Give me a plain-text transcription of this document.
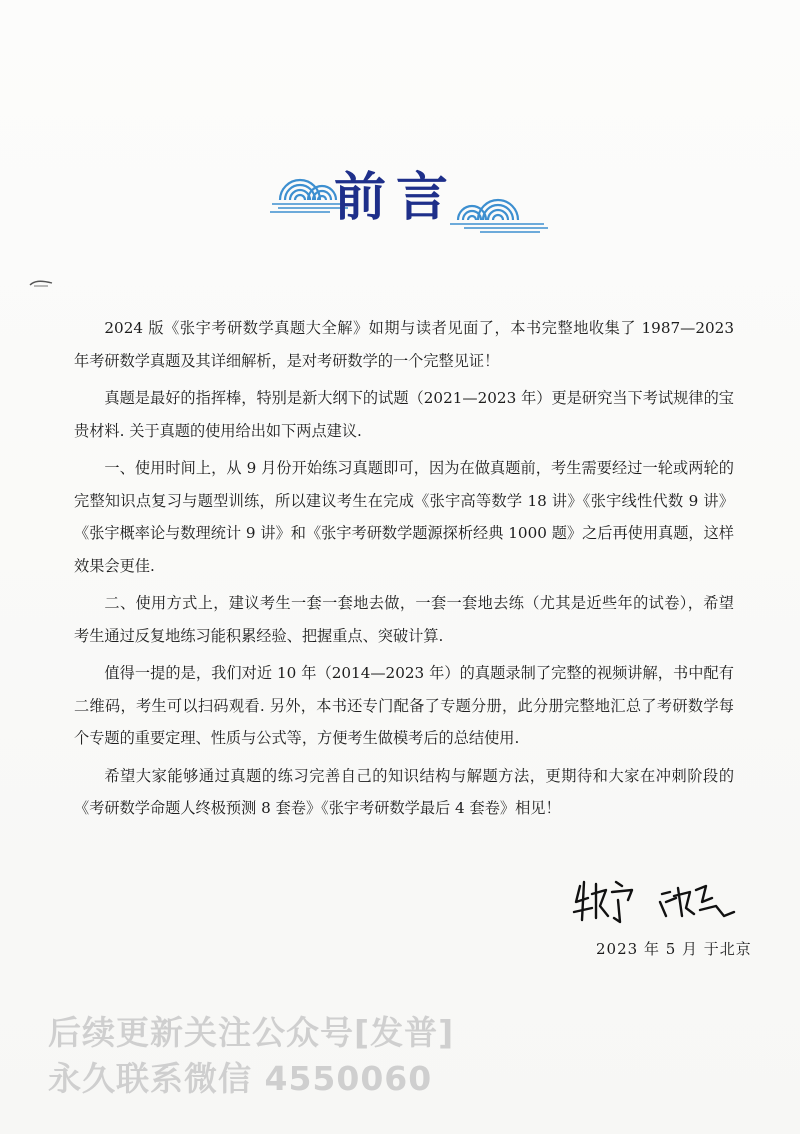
前言

2024 版《张宇考研数学真题大全解》如期与读者见面了，本书完整地收集了 1987—2023 年考研数学真题及其详细解析，是对考研数学的一个完整见证！

真题是最好的指挥棒，特别是新大纲下的试题（2021—2023 年）更是研究当下考试规律的宝贵材料. 关于真题的使用给出如下两点建议.

一、使用时间上，从 9 月份开始练习真题即可，因为在做真题前，考生需要经过一轮或两轮的完整知识点复习与题型训练，所以建议考生在完成《张宇高等数学 18 讲》《张宇线性代数 9 讲》《张宇概率论与数理统计 9 讲》和《张宇考研数学题源探析经典 1000 题》之后再使用真题，这样效果会更佳.

二、使用方式上，建议考生一套一套地去做，一套一套地去练（尤其是近些年的试卷），希望考生通过反复地练习能积累经验、把握重点、突破计算.

值得一提的是，我们对近 10 年（2014—2023 年）的真题录制了完整的视频讲解，书中配有二维码，考生可以扫码观看. 另外，本书还专门配备了专题分册，此分册完整地汇总了考研数学每个专题的重要定理、性质与公式等，方便考生做模考后的总结使用.

希望大家能够通过真题的练习完善自己的知识结构与解题方法，更期待和大家在冲刺阶段的《考研数学命题人终极预测 8 套卷》《张宇考研数学最后 4 套卷》相见！

2023 年 5 月 于北京
后续更新关注公众号[发普]
永久联系微信 4550060
